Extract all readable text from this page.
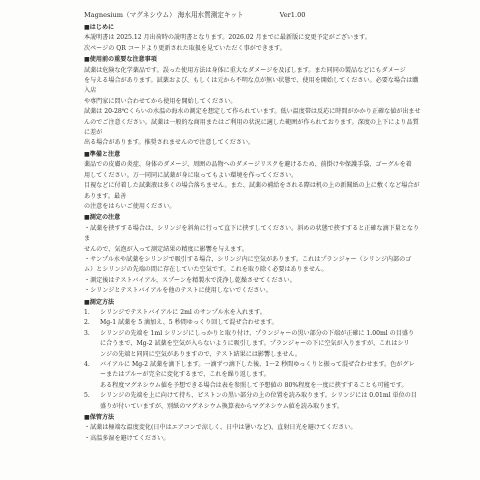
Magnesium（マグネシウム） 海水用水質測定キット	Ver1.00
■はじめに

本説明書は 2025.12 月出荷時の説明書となります。2026.02 月までに最新版に変更予定がございます。

次ページの QR コードより更新された取扱を見ていただく事ができます。

■使用前の重要な注意事項

試薬は危険な化学薬品です。誤った使用方法は身体に重大なダメージを及ぼします。また同同の製品などにもダメージ

を与える場合があります。試薬および、もしくは元から不明な点が無い状態で、使用を開始してください。必要な場合は購入店

や専門家に問い合わせてから使用を開始してください。

試薬は 20-28℃くらいの水温の海水の測定を想定して作られています。低い温度帯は反応に時間がかかり正確な値が出ませ

んのでご注意ください。試薬は一般的な商用またはご利用の状況に適した範囲が作られております。深度の上下により品質に差が

出る場合があります。推奨されませんので注意してください。

■準備と注意

薬品での皮膚の炎症、身体のダメージ、周囲の品物へのダメージリスクを避けるため、前掛けや保護手袋、ゴーグルを着

用してください。万一同同に試薬が身に取ってもよい環境を作ってください。

目視などに付着した試薬液は多くの場合落ちません。また、試薬の補給をされる際は机の上の新聞紙の上に敷くなど場合があります。最善

の注意をはらいご使用ください。

■測定の注意
・試薬を挟すする場合は、シリンジを斜角に行って直下に挟すしてください。斜めの状態で挟すすると正確な滴下量となりま
せんので、気泡が入って測定結果の精度に影響を与えます。
・サンプル水や試薬をシリンジで吸引する場合、シリンジ内に空気があります。これはプランジャー（シリンジ内部のゴ
ム）とシリンジの先端の間に存在していた空気です。これを取り除く必要はありません。
・測定後はテストバイアル、スプーンを精製水で洗浄し乾燥させてください。
・シリンジとテストバイアルを他のテストに使用しないでください。
■測定方法
1.	シリンジでテストバイアルに 2ml のサンプル水を入れます。
2.	Mg-1 試薬を 5 滴加え、5 秒間ゆっくり回して混ぜ合わせます。
3.	シリンジの先端を 1ml シリンジにしっかりと取り付け、プランジャーの黒い部分の下端が正確に 1.00ml の目盛り

に合うまで、Mg-2 試薬を空気が入らないように吸引します。プランジャーの下に空気が入りますが、これはシリ

ンジの先端と同同に空気がありますので、テスト結果には影響しません。

4.	バイアルに Mg-2 試薬を滴下します。一滴ずつ滴下した後、1〜2 秒間ゆっくりと振って混ぜ合わせます。色がグレ

ーまたはブルーが完全に変化するまで、これを繰り返します。

ある程度マグネシウム値を予想できる場合は表を参照して予想値の 80%程度を一度に挟すすることも可能です。

5.	シリンジの先端を上に向けて持ち、ピストンの黒い部分の上の位置を読み取ります。シリンジには 0.01ml 単位の目

盛りが付いていますが、別紙のマグネシウム換算表からマグネシウム値を読み取ります。

■保管方法
・試薬は極端な温度変化(日中はエアコンで涼しく、日中は暑いなど)、直射日光を避けてください。
・高温多湿を避けてください。
